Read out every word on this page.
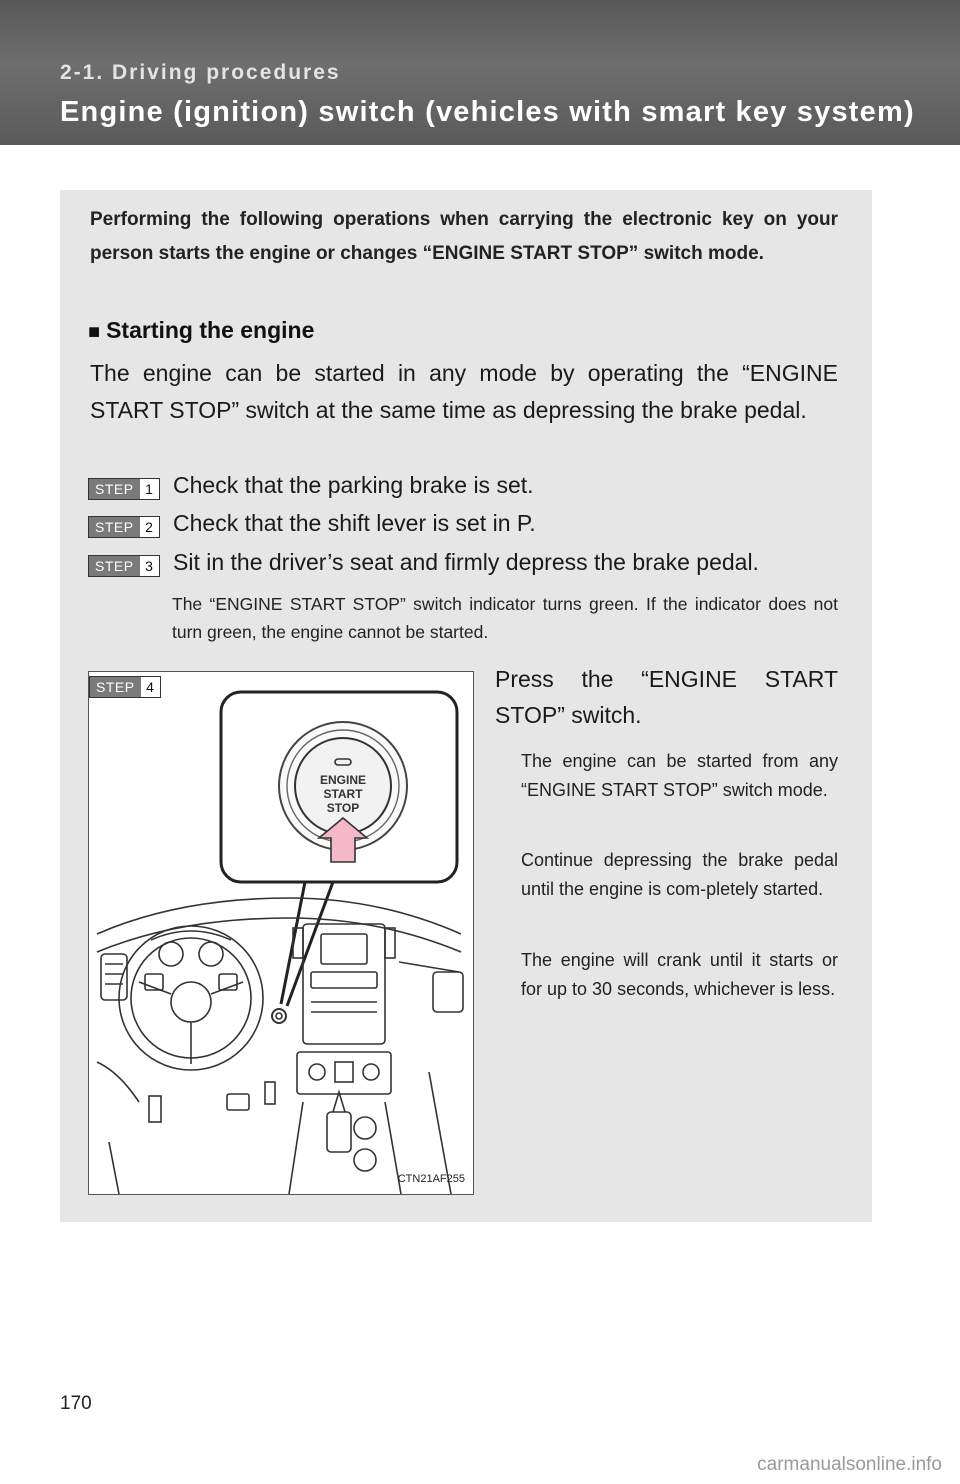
2-1. Driving procedures
Engine (ignition) switch (vehicles with smart key system)
Performing the following operations when carrying the electronic key on your person starts the engine or changes “ENGINE START STOP” switch mode.
■ Starting the engine
The engine can be started in any mode by operating the “ENGINE START STOP” switch at the same time as depressing the brake pedal.
STEP 1 Check that the parking brake is set.
STEP 2 Check that the shift lever is set in P.
STEP 3 Sit in the driver’s seat and firmly depress the brake pedal.
The “ENGINE START STOP” switch indicator turns green. If the indicator does not turn green, the engine cannot be started.
ENGINE
START
STOP
STEP 4
CTN21AF255
Press the “ENGINE START STOP” switch.
The engine can be started from any “ENGINE START STOP” switch mode.
Continue depressing the brake pedal until the engine is com-pletely started.
The engine will crank until it starts or for up to 30 seconds, whichever is less.
170
carmanualsonline.info
